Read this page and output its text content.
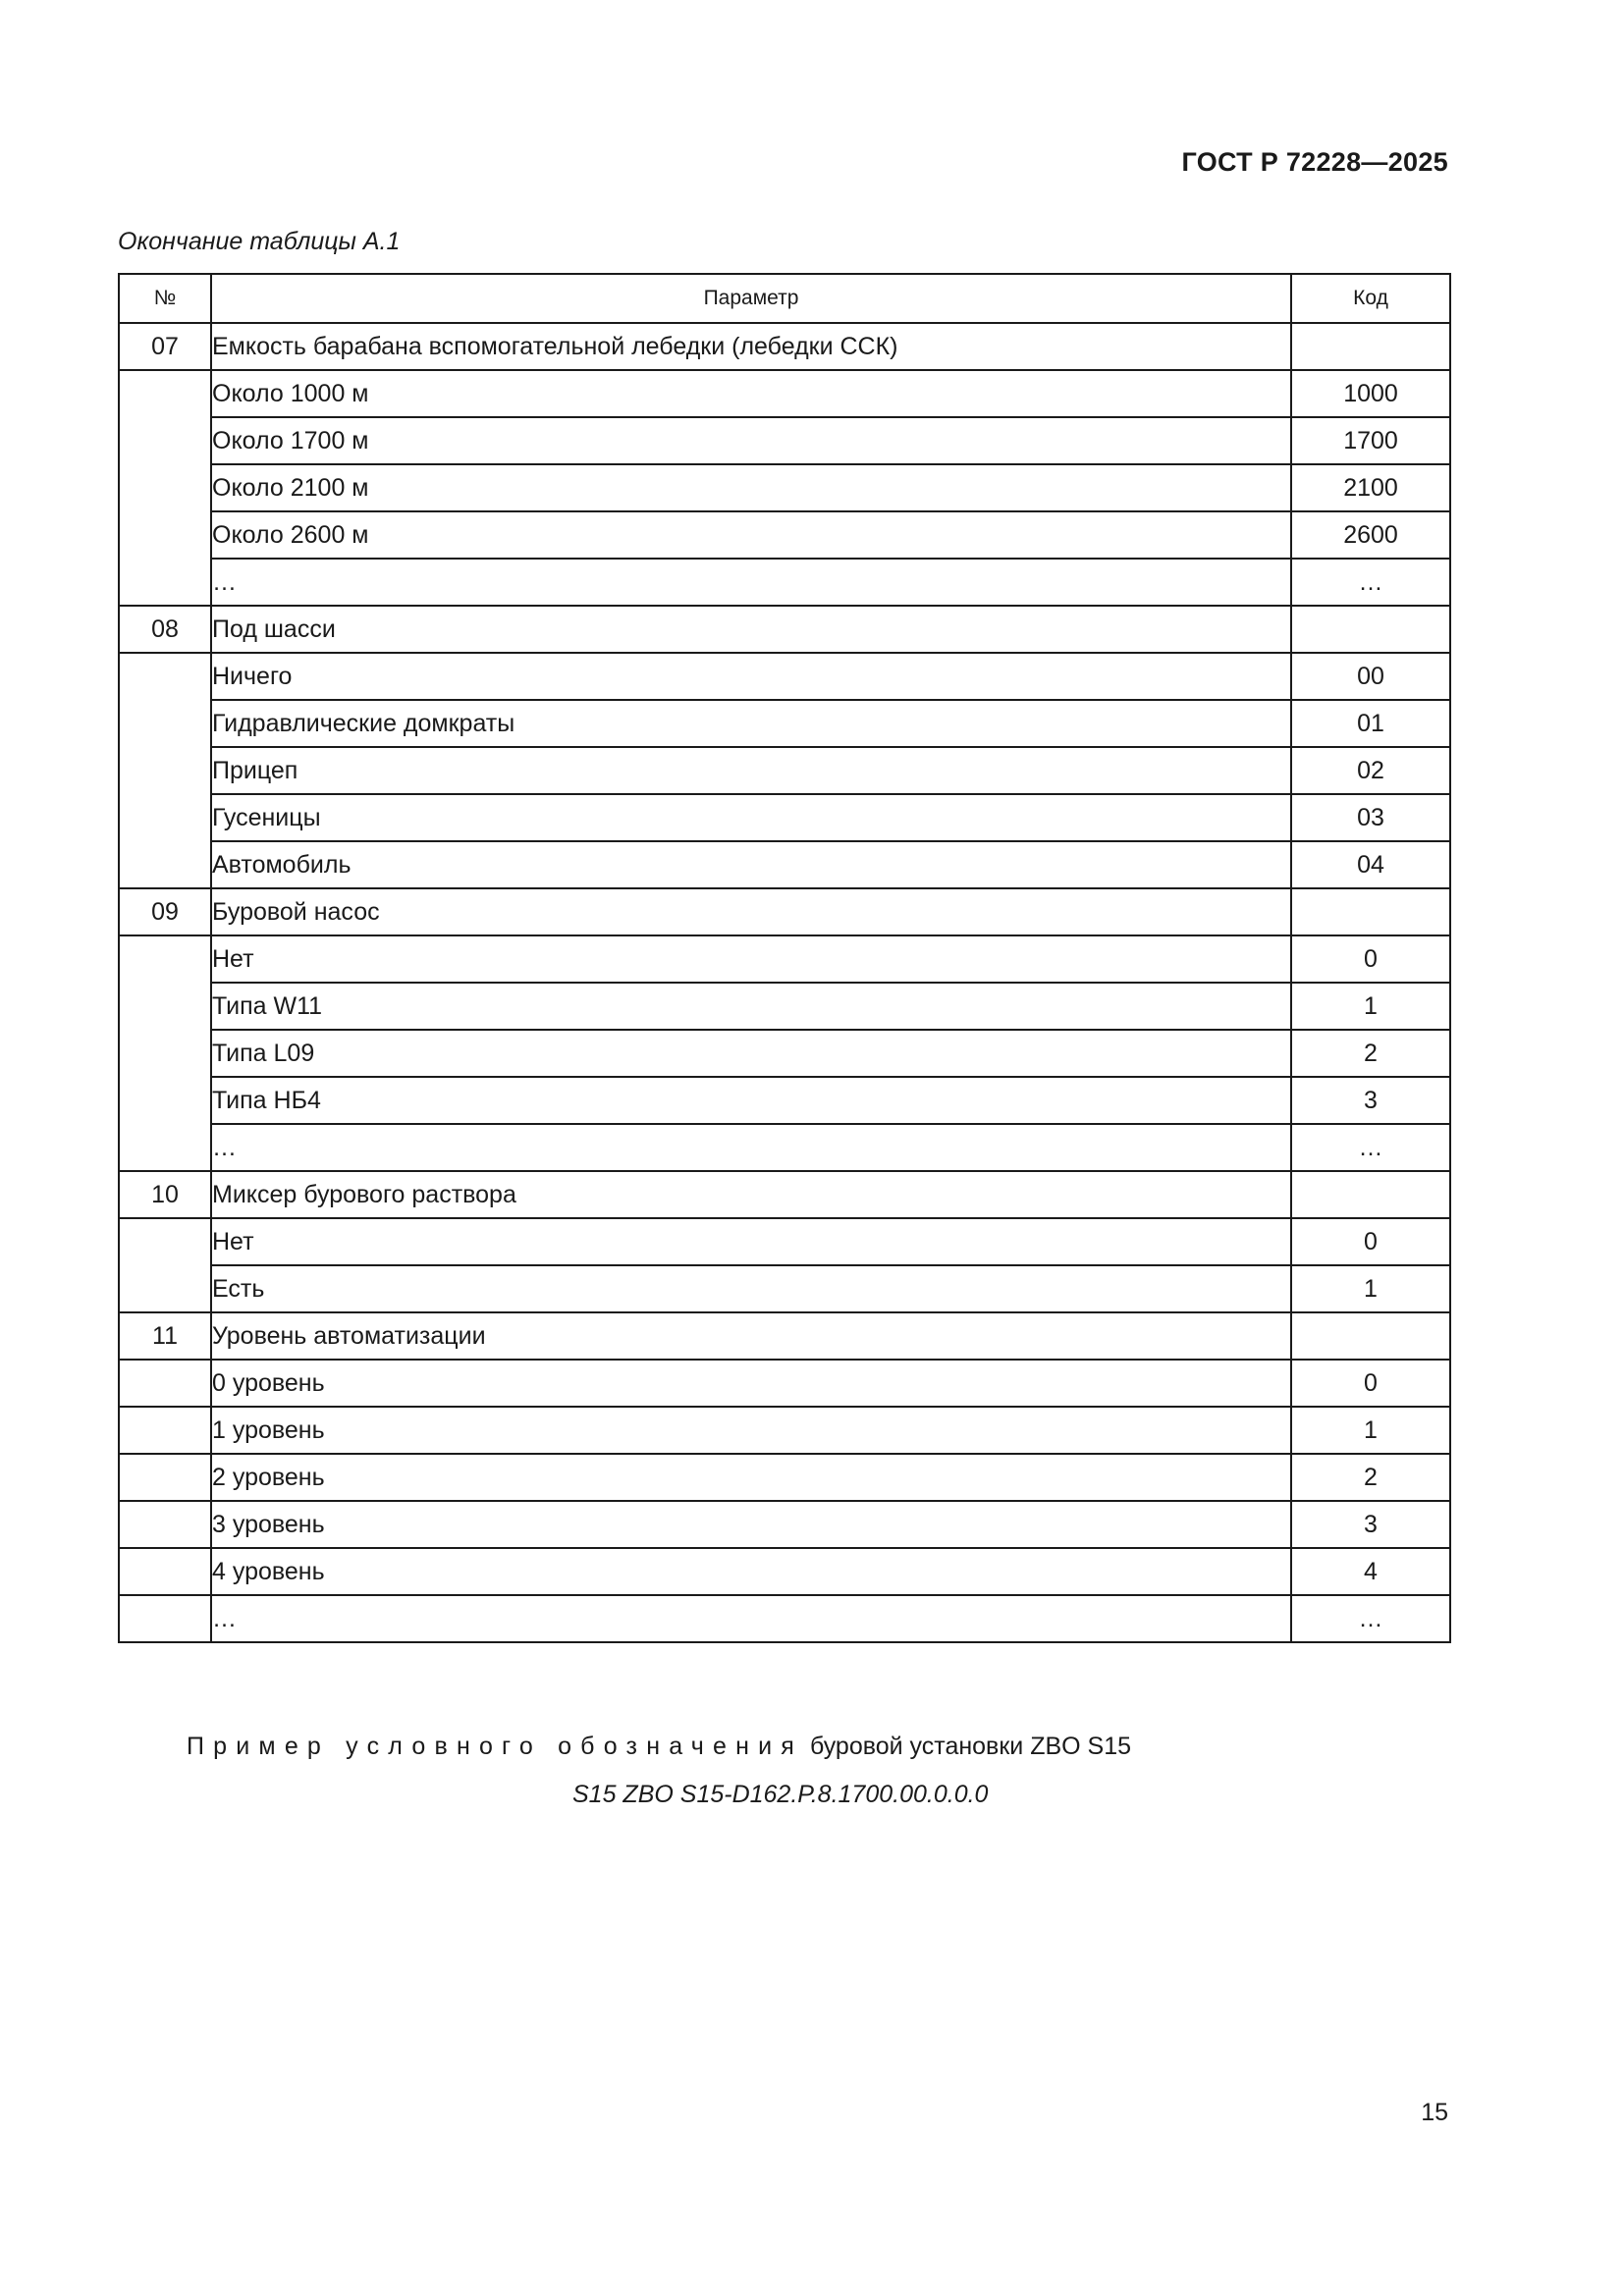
ГОСТ Р 72228—2025
Окончание таблицы А.1
№	Параметр	Код
07	Емкость барабана вспомогательной лебедки (лебедки ССК)	
	Около 1000 м	1000
	Около 1700 м	1700
	Около 2100 м	2100
	Около 2600 м	2600
	…	…
08	Под шасси	
	Ничего	00
	Гидравлические домкраты	01
	Прицеп	02
	Гусеницы	03
	Автомобиль	04
09	Буровой насос	
	Нет	0
	Типа W11	1
	Типа L09	2
	Типа НБ4	3
	…	…
10	Миксер бурового раствора	
	Нет	0
	Есть	1
11	Уровень автоматизации	
	0 уровень	0
	1 уровень	1
	2 уровень	2
	3 уровень	3
	4 уровень	4
	…	…
Пример условного обозначения буровой установки ZBO S15
S15 ZBO S15-D162.P.8.1700.00.0.0.0
15
